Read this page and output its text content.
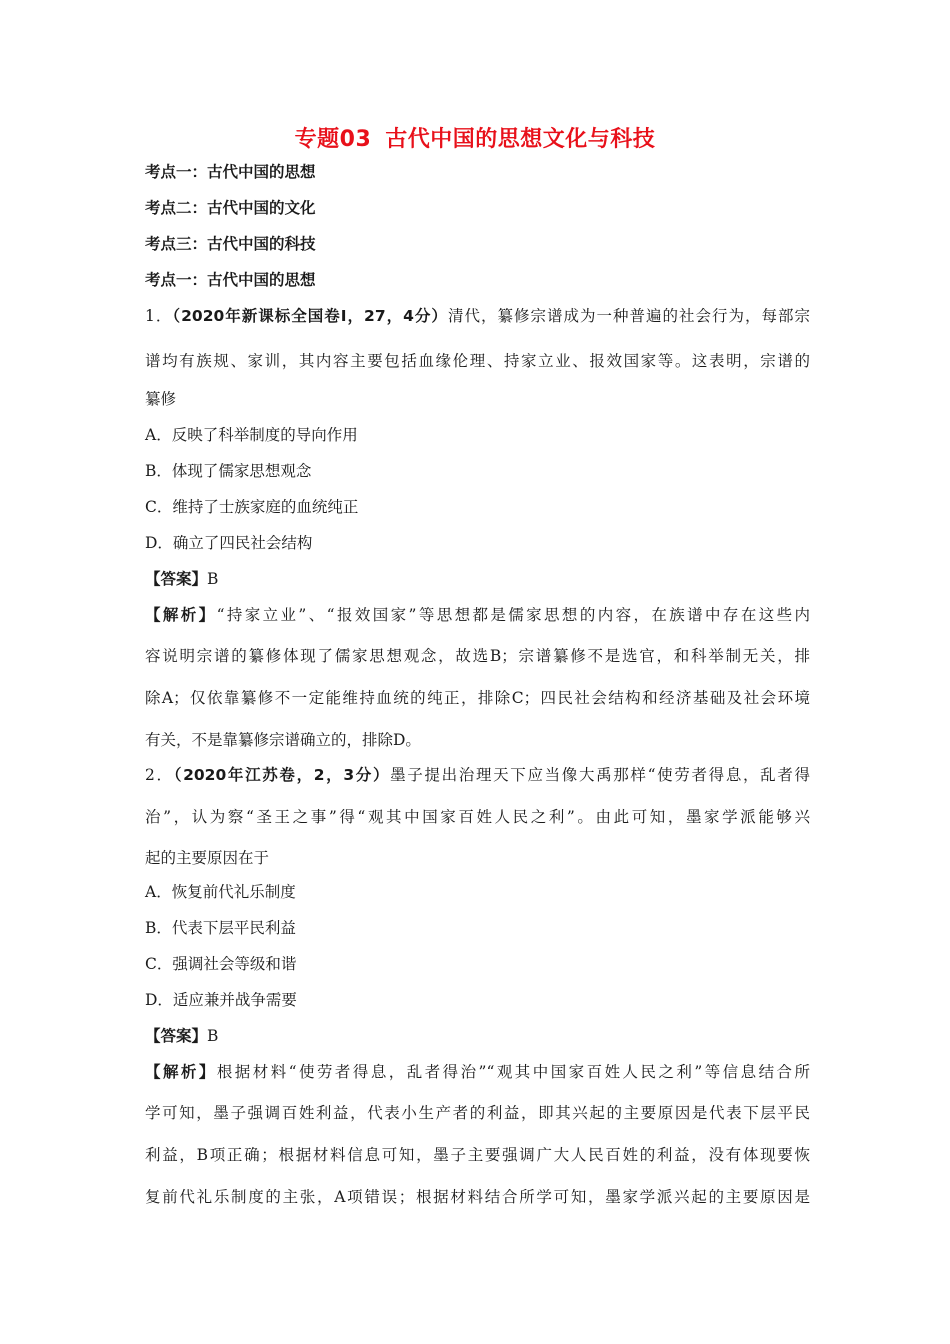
专题03 古代中国的思想文化与科技
考点一：古代中国的思想
考点二：古代中国的文化
考点三：古代中国的科技
考点一：古代中国的思想
1．（2020年新课标全国卷Ⅰ，27，4分）清代，纂修宗谱成为一种普遍的社会行为，每部宗
谱均有族规、家训，其内容主要包括血缘伦理、持家立业、报效国家等。这表明，宗谱的
纂修
A．反映了科举制度的导向作用
B．体现了儒家思想观念
C．维持了士族家庭的血统纯正
D．确立了四民社会结构
【答案】B
【解析】“持家立业”、“报效国家”等思想都是儒家思想的内容，在族谱中存在这些内
容说明宗谱的纂修体现了儒家思想观念，故选B；宗谱纂修不是选官，和科举制无关，排
除A；仅依靠纂修不一定能维持血统的纯正，排除C；四民社会结构和经济基础及社会环境
有关，不是靠纂修宗谱确立的，排除D。
2．（2020年江苏卷，2，3分）墨子提出治理天下应当像大禹那样“使劳者得息，乱者得
治”，认为察“圣王之事”得“观其中国家百姓人民之利”。由此可知，墨家学派能够兴
起的主要原因在于
A．恢复前代礼乐制度
B．代表下层平民利益
C．强调社会等级和谐
D．适应兼并战争需要
【答案】B
【解析】根据材料“使劳者得息，乱者得治”“观其中国家百姓人民之利”等信息结合所
学可知，墨子强调百姓利益，代表小生产者的利益，即其兴起的主要原因是代表下层平民
利益，B项正确；根据材料信息可知，墨子主要强调广大人民百姓的利益，没有体现要恢
复前代礼乐制度的主张，A项错误；根据材料结合所学可知，墨家学派兴起的主要原因是
